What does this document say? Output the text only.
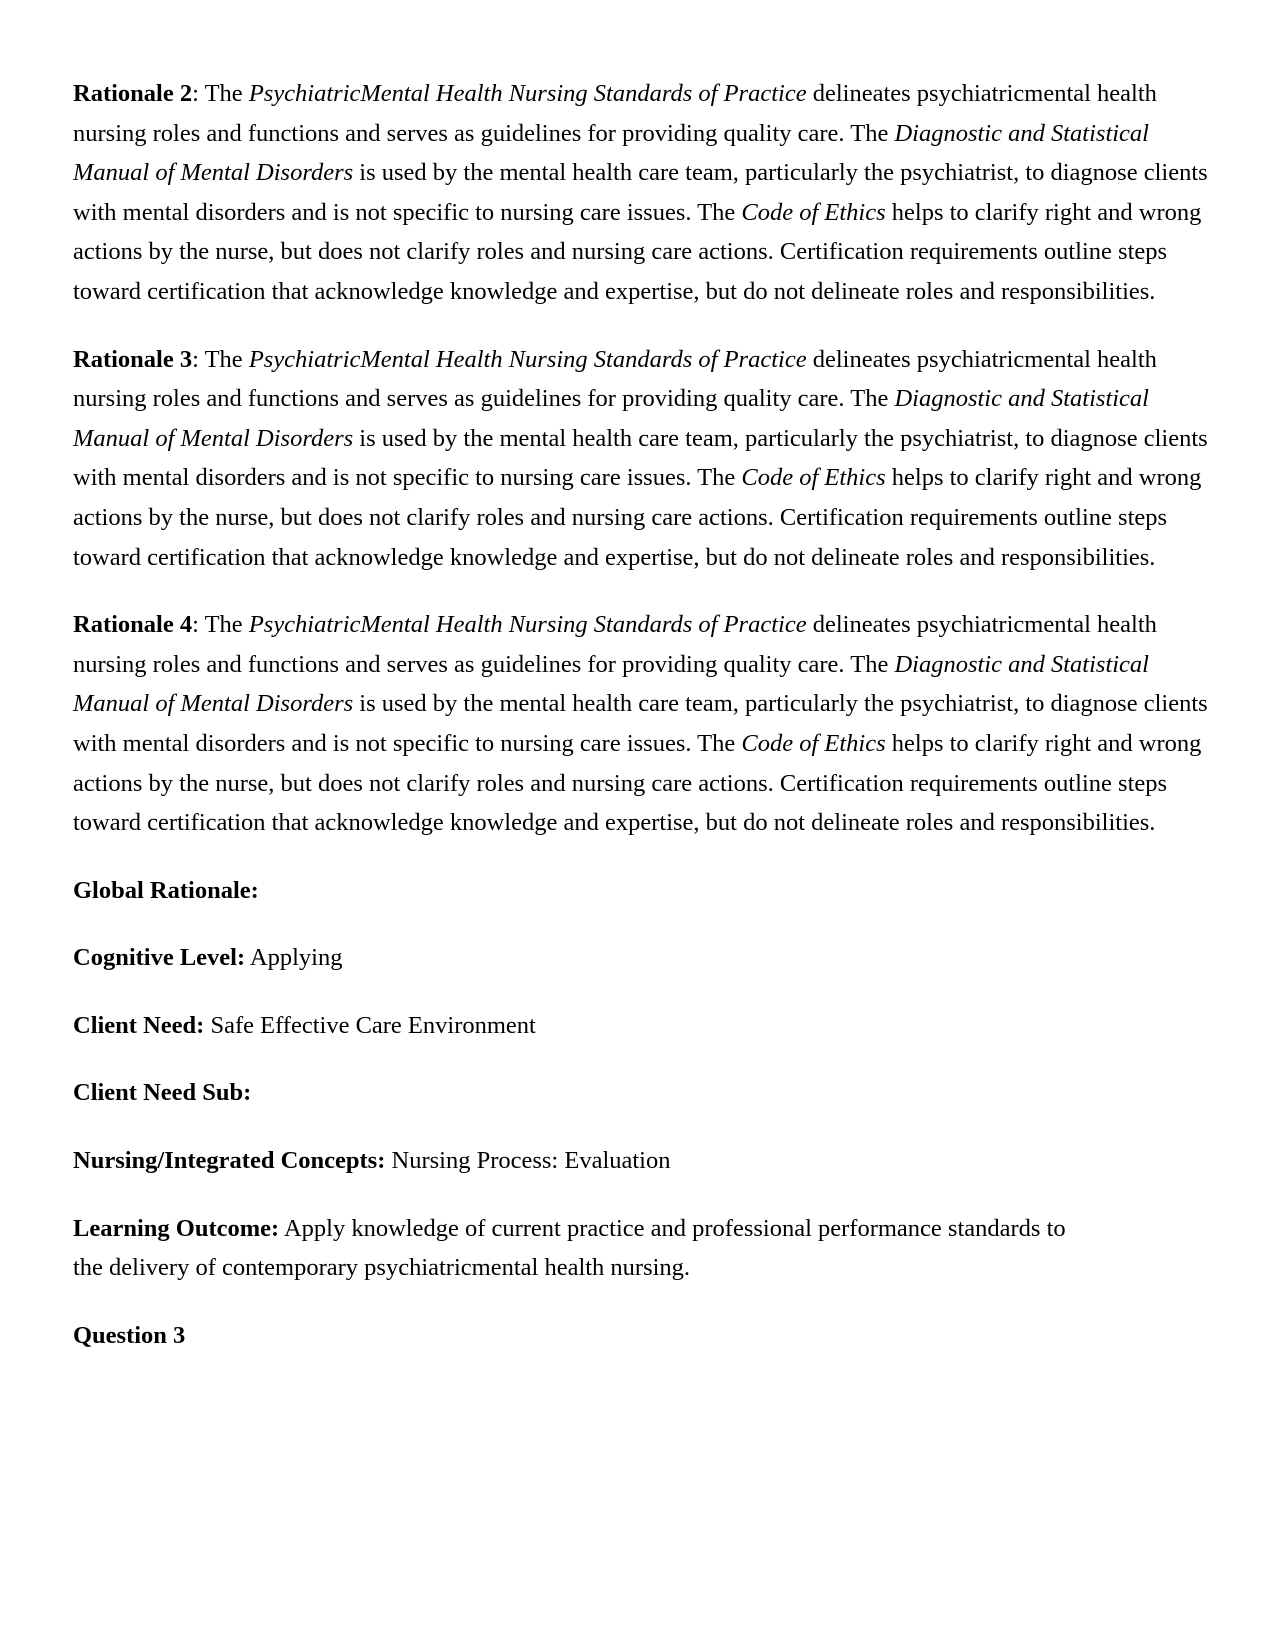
Rationale 2: The PsychiatricMental Health Nursing Standards of Practice delineates psychiatricmental health nursing roles and functions and serves as guidelines for providing quality care. The Diagnostic and Statistical Manual of Mental Disorders is used by the mental health care team, particularly the psychiatrist, to diagnose clients with mental disorders and is not specific to nursing care issues. The Code of Ethics helps to clarify right and wrong actions by the nurse, but does not clarify roles and nursing care actions. Certification requirements outline steps toward certification that acknowledge knowledge and expertise, but do not delineate roles and responsibilities.

Rationale 3: The PsychiatricMental Health Nursing Standards of Practice delineates psychiatricmental health nursing roles and functions and serves as guidelines for providing quality care. The Diagnostic and Statistical Manual of Mental Disorders is used by the mental health care team, particularly the psychiatrist, to diagnose clients with mental disorders and is not specific to nursing care issues. The Code of Ethics helps to clarify right and wrong actions by the nurse, but does not clarify roles and nursing care actions. Certification requirements outline steps toward certification that acknowledge knowledge and expertise, but do not delineate roles and responsibilities.

Rationale 4: The PsychiatricMental Health Nursing Standards of Practice delineates psychiatricmental health nursing roles and functions and serves as guidelines for providing quality care. The Diagnostic and Statistical Manual of Mental Disorders is used by the mental health care team, particularly the psychiatrist, to diagnose clients with mental disorders and is not specific to nursing care issues. The Code of Ethics helps to clarify right and wrong actions by the nurse, but does not clarify roles and nursing care actions. Certification requirements outline steps toward certification that acknowledge knowledge and expertise, but do not delineate roles and responsibilities.

Global Rationale:

Cognitive Level: Applying

Client Need: Safe Effective Care Environment

Client Need Sub:

Nursing/Integrated Concepts: Nursing Process: Evaluation

Learning Outcome: Apply knowledge of current practice and professional performance standards to
the delivery of contemporary psychiatricmental health nursing.

Question 3
